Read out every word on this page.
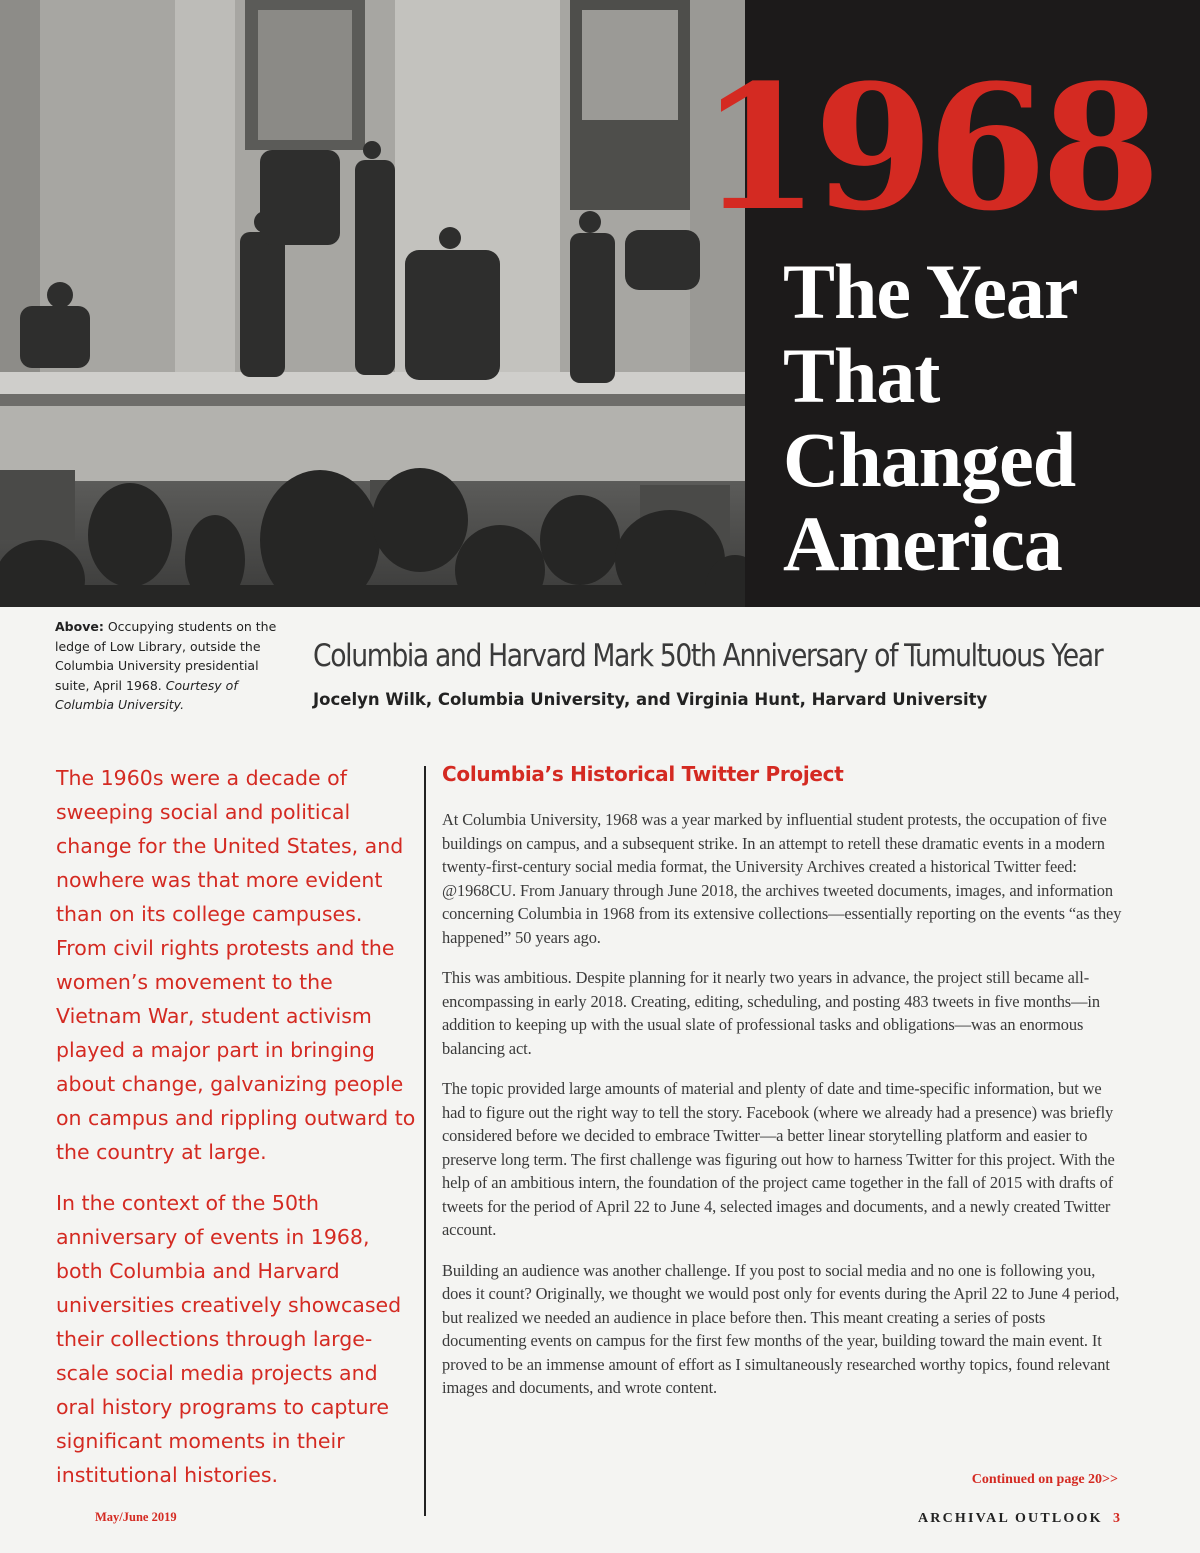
1968
The Year
That
Changed
America
Above: Occupying students on the ledge of Low Library, outside the Columbia University presidential suite, April 1968. Courtesy of Columbia University.
Columbia and Harvard Mark 50th Anniversary of Tumultuous Year
Jocelyn Wilk, Columbia University, and Virginia Hunt, Harvard University

The 1960s were a decade of sweeping social and political change for the United States, and nowhere was that more evident than on its college campuses. From civil rights protests and the women’s movement to the Vietnam War, student activism played a major part in bringing about change, galvanizing people on campus and rippling outward to the country at large.

In the context of the 50th anniversary of events in 1968, both Columbia and Harvard universities creatively showcased their collections through large-scale social media projects and oral history programs to capture significant moments in their institutional histories.

Columbia’s Historical Twitter Project

At Columbia University, 1968 was a year marked by influential student protests, the occupation of five buildings on campus, and a subsequent strike. In an attempt to retell these dramatic events in a modern twenty-first-century social media format, the University Archives created a historical Twitter feed: @1968CU. From January through June 2018, the archives tweeted documents, images, and information concerning Columbia in 1968 from its extensive collections—essentially reporting on the events “as they happened” 50 years ago.

This was ambitious. Despite planning for it nearly two years in advance, the project still became all-encompassing in early 2018. Creating, editing, scheduling, and posting 483 tweets in five months—in addition to keeping up with the usual slate of professional tasks and obligations—was an enormous balancing act.

The topic provided large amounts of material and plenty of date and time-specific information, but we had to figure out the right way to tell the story. Facebook (where we already had a presence) was briefly considered before we decided to embrace Twitter—a better linear storytelling platform and easier to preserve long term. The first challenge was figuring out how to harness Twitter for this project. With the help of an ambitious intern, the foundation of the project came together in the fall of 2015 with drafts of tweets for the period of April 22 to June 4, selected images and documents, and a newly created Twitter account.

Building an audience was another challenge. If you post to social media and no one is following you, does it count? Originally, we thought we would post only for events during the April 22 to June 4 period, but realized we needed an audience in place before then. This meant creating a series of posts documenting events on campus for the first few months of the year, building toward the main event. It proved to be an immense amount of effort as I simultaneously researched worthy topics, found relevant images and documents, and wrote content.

Continued on page 20>>
May/June 2019	ARCHIVAL OUTLOOK 3
